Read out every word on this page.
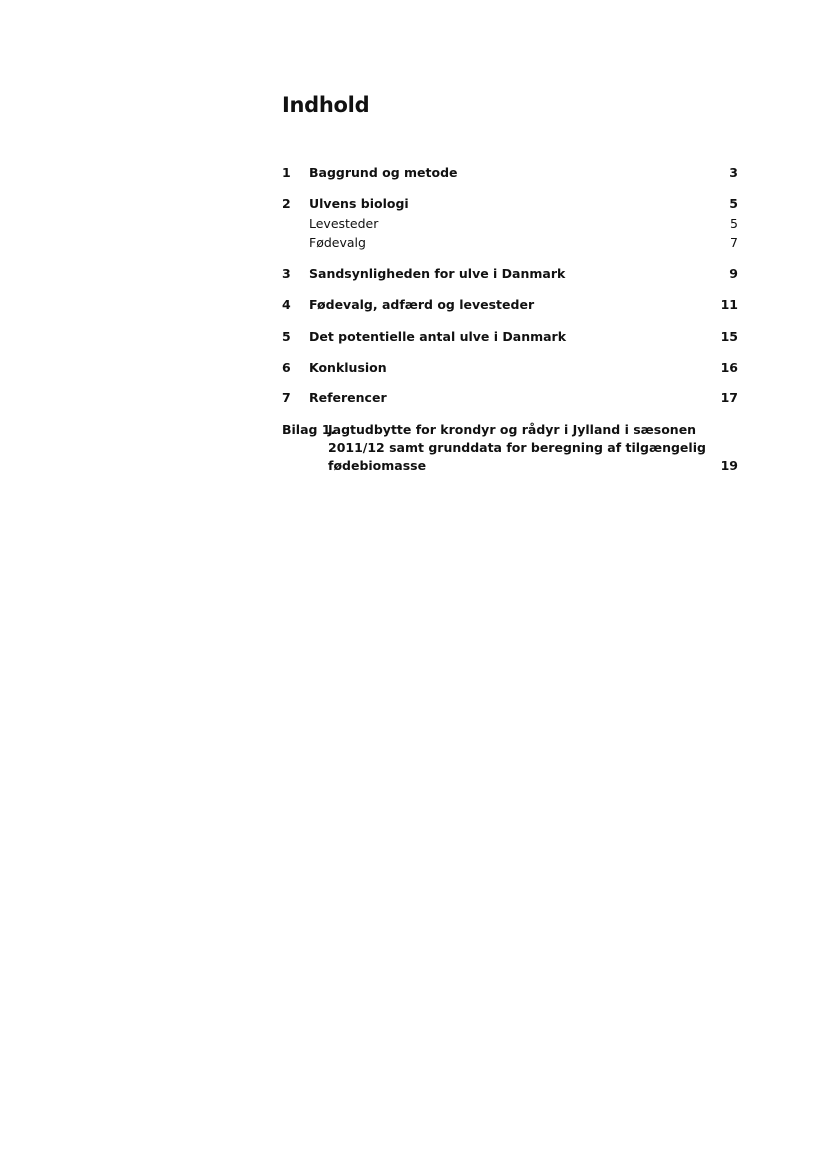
Indhold
1 Baggrund og metode	3
2 Ulvens biologi	5
Levesteder	5
Fødevalg	7
3 Sandsynligheden for ulve i Danmark	9
4 Fødevalg, adfærd og levesteder	11
5 Det potentielle antal ulve i Danmark	15
6 Konklusion	16
7 Referencer	17
Bilag 1.
Jagtudbytte for krondyr og rådyr i Jylland i sæsonen
2011/12 samt grunddata for beregning af tilgængelig
fødebiomasse	19
